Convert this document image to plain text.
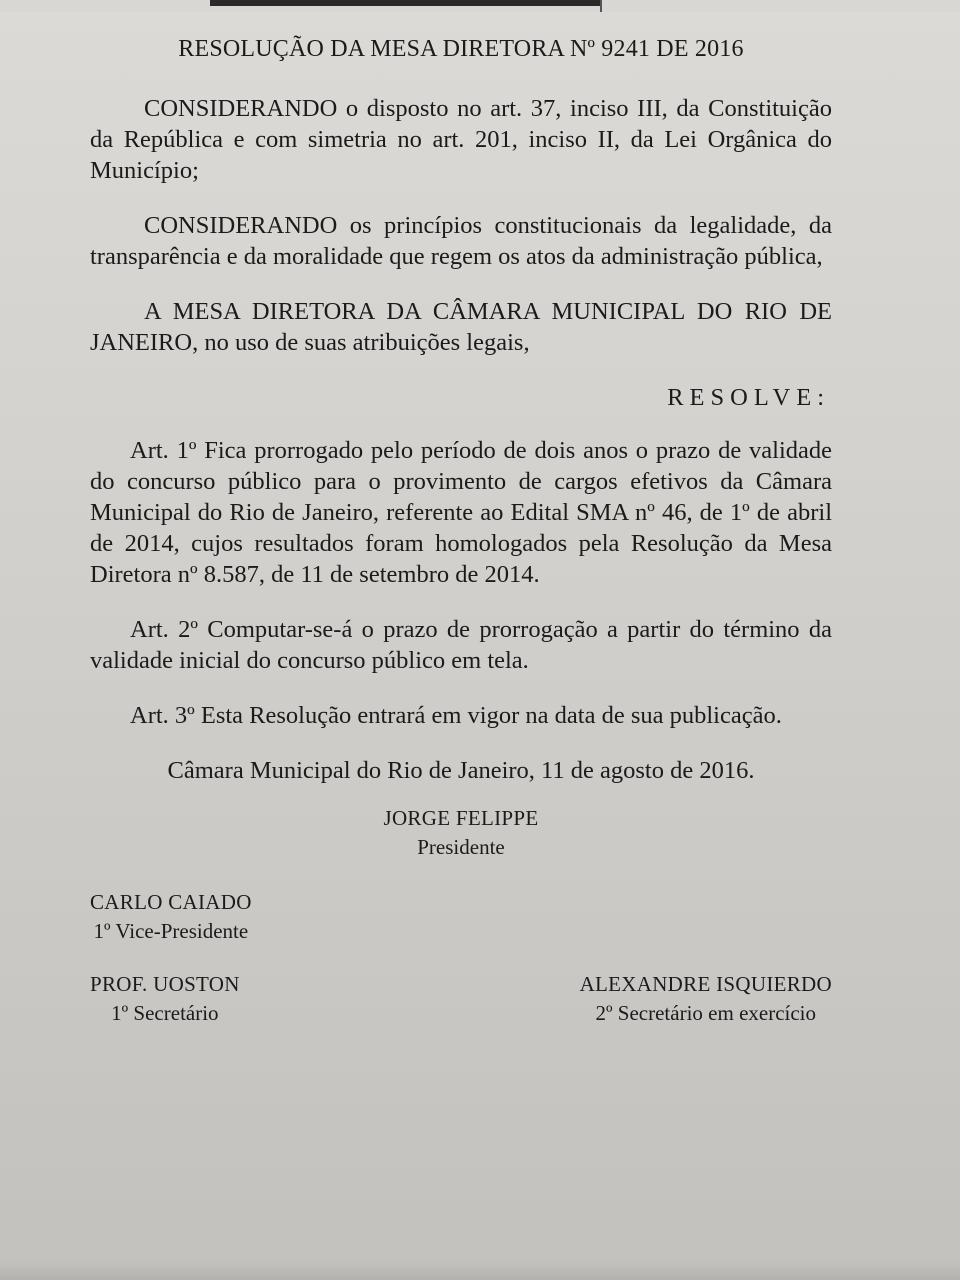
RESOLUÇÃO DA MESA DIRETORA Nº 9241 DE 2016

CONSIDERANDO o disposto no art. 37, inciso III, da Constituição da República e com simetria no art. 201, inciso II, da Lei Orgânica do Município;

CONSIDERANDO os princípios constitucionais da legalidade, da transparência e da moralidade que regem os atos da administração pública,

A MESA DIRETORA DA CÂMARA MUNICIPAL DO RIO DE JANEIRO, no uso de suas atribuições legais,

RESOLVE:

Art. 1º Fica prorrogado pelo período de dois anos o prazo de validade do concurso público para o provimento de cargos efetivos da Câmara Municipal do Rio de Janeiro, referente ao Edital SMA nº 46, de 1º de abril de 2014, cujos resultados foram homologados pela Resolução da Mesa Diretora nº 8.587, de 11 de setembro de 2014.

Art. 2º Computar-se-á o prazo de prorrogação a partir do término da validade inicial do concurso público em tela.

Art. 3º Esta Resolução entrará em vigor na data de sua publicação.

Câmara Municipal do Rio de Janeiro, 11 de agosto de 2016.
JORGE FELIPPE
Presidente
CARLO CAIADO
1º Vice-Presidente
PROF. UOSTON
1º Secretário
ALEXANDRE ISQUIERDO
2º Secretário em exercício
